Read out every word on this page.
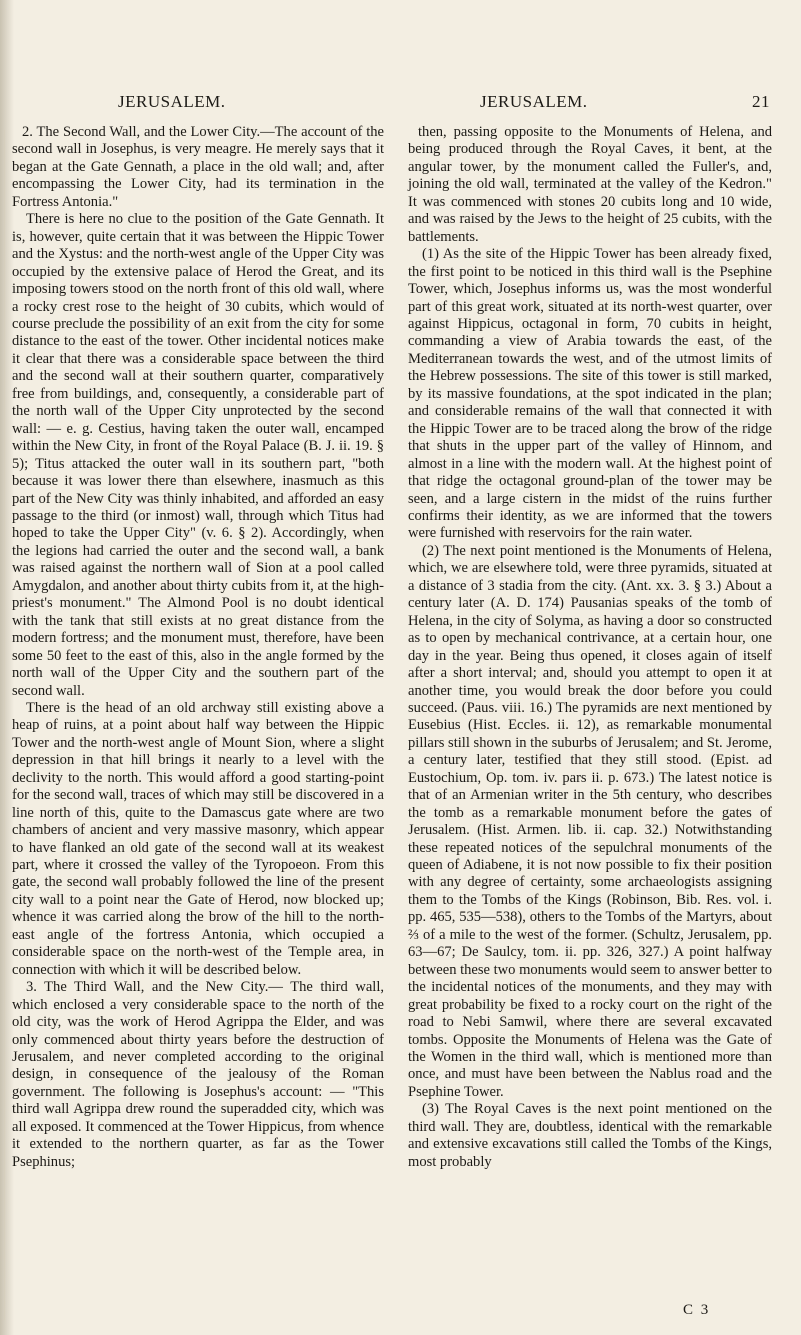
JERUSALEM.	JERUSALEM.	21

2. The Second Wall, and the Lower City.—The account of the second wall in Josephus, is very meagre. He merely says that it began at the Gate Gennath, a place in the old wall; and, after encompassing the Lower City, had its termination in the Fortress Antonia."

There is here no clue to the position of the Gate Gennath. It is, however, quite certain that it was between the Hippic Tower and the Xystus: and the north-west angle of the Upper City was occupied by the extensive palace of Herod the Great, and its imposing towers stood on the north front of this old wall, where a rocky crest rose to the height of 30 cubits, which would of course preclude the possibility of an exit from the city for some distance to the east of the tower. Other incidental notices make it clear that there was a considerable space between the third and the second wall at their southern quarter, comparatively free from buildings, and, consequently, a considerable part of the north wall of the Upper City unprotected by the second wall: — e. g. Cestius, having taken the outer wall, encamped within the New City, in front of the Royal Palace (B. J. ii. 19. § 5); Titus attacked the outer wall in its southern part, "both because it was lower there than elsewhere, inasmuch as this part of the New City was thinly inhabited, and afforded an easy passage to the third (or inmost) wall, through which Titus had hoped to take the Upper City" (v. 6. § 2). Accordingly, when the legions had carried the outer and the second wall, a bank was raised against the northern wall of Sion at a pool called Amygdalon, and another about thirty cubits from it, at the high-priest's monument." The Almond Pool is no doubt identical with the tank that still exists at no great distance from the modern fortress; and the monument must, therefore, have been some 50 feet to the east of this, also in the angle formed by the north wall of the Upper City and the southern part of the second wall.

There is the head of an old archway still existing above a heap of ruins, at a point about half way between the Hippic Tower and the north-west angle of Mount Sion, where a slight depression in that hill brings it nearly to a level with the declivity to the north. This would afford a good starting-point for the second wall, traces of which may still be discovered in a line north of this, quite to the Damascus gate where are two chambers of ancient and very massive masonry, which appear to have flanked an old gate of the second wall at its weakest part, where it crossed the valley of the Tyropoeon. From this gate, the second wall probably followed the line of the present city wall to a point near the Gate of Herod, now blocked up; whence it was carried along the brow of the hill to the north-east angle of the fortress Antonia, which occupied a considerable space on the north-west of the Temple area, in connection with which it will be described below.

3. The Third Wall, and the New City.— The third wall, which enclosed a very considerable space to the north of the old city, was the work of Herod Agrippa the Elder, and was only commenced about thirty years before the destruction of Jerusalem, and never completed according to the original design, in consequence of the jealousy of the Roman government. The following is Josephus's account: — "This third wall Agrippa drew round the superadded city, which was all exposed. It commenced at the Tower Hippicus, from whence it extended to the northern quarter, as far as the Tower Psephinus;

then, passing opposite to the Monuments of Helena, and being produced through the Royal Caves, it bent, at the angular tower, by the monument called the Fuller's, and, joining the old wall, terminated at the valley of the Kedron." It was commenced with stones 20 cubits long and 10 wide, and was raised by the Jews to the height of 25 cubits, with the battlements.

(1) As the site of the Hippic Tower has been already fixed, the first point to be noticed in this third wall is the Psephine Tower, which, Josephus informs us, was the most wonderful part of this great work, situated at its north-west quarter, over against Hippicus, octagonal in form, 70 cubits in height, commanding a view of Arabia towards the east, of the Mediterranean towards the west, and of the utmost limits of the Hebrew possessions. The site of this tower is still marked, by its massive foundations, at the spot indicated in the plan; and considerable remains of the wall that connected it with the Hippic Tower are to be traced along the brow of the ridge that shuts in the upper part of the valley of Hinnom, and almost in a line with the modern wall. At the highest point of that ridge the octagonal ground-plan of the tower may be seen, and a large cistern in the midst of the ruins further confirms their identity, as we are informed that the towers were furnished with reservoirs for the rain water.

(2) The next point mentioned is the Monuments of Helena, which, we are elsewhere told, were three pyramids, situated at a distance of 3 stadia from the city. (Ant. xx. 3. § 3.) About a century later (A. D. 174) Pausanias speaks of the tomb of Helena, in the city of Solyma, as having a door so constructed as to open by mechanical contrivance, at a certain hour, one day in the year. Being thus opened, it closes again of itself after a short interval; and, should you attempt to open it at another time, you would break the door before you could succeed. (Paus. viii. 16.) The pyramids are next mentioned by Eusebius (Hist. Eccles. ii. 12), as remarkable monumental pillars still shown in the suburbs of Jerusalem; and St. Jerome, a century later, testified that they still stood. (Epist. ad Eustochium, Op. tom. iv. pars ii. p. 673.) The latest notice is that of an Armenian writer in the 5th century, who describes the tomb as a remarkable monument before the gates of Jerusalem. (Hist. Armen. lib. ii. cap. 32.) Notwithstanding these repeated notices of the sepulchral monuments of the queen of Adiabene, it is not now possible to fix their position with any degree of certainty, some archaeologists assigning them to the Tombs of the Kings (Robinson, Bib. Res. vol. i. pp. 465, 535—538), others to the Tombs of the Martyrs, about ⅔ of a mile to the west of the former. (Schultz, Jerusalem, pp. 63—67; De Saulcy, tom. ii. pp. 326, 327.) A point halfway between these two monuments would seem to answer better to the incidental notices of the monuments, and they may with great probability be fixed to a rocky court on the right of the road to Nebi Samwil, where there are several excavated tombs. Opposite the Monuments of Helena was the Gate of the Women in the third wall, which is mentioned more than once, and must have been between the Nablus road and the Psephine Tower.

(3) The Royal Caves is the next point mentioned on the third wall. They are, doubtless, identical with the remarkable and extensive excavations still called the Tombs of the Kings, most probably

C 3
